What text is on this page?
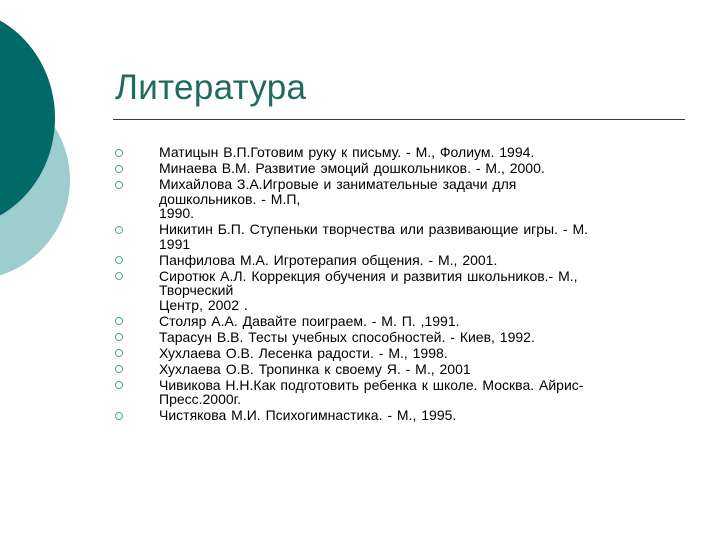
Литература
Матицын В.П.Готовим руку к письму. - М., Фолиум. 1994.
Минаева В.М. Развитие эмоций дошкольников. - М., 2000.
Михайлова З.А.Игровые и занимательные задачи для
дошкольников. - М.П,
1990.
Никитин Б.П. Ступеньки творчества или развивающие игры. - М.
1991
Панфилова М.А. Игротерапия общения. - М., 2001.
Сиротюк А.Л. Коррекция обучения и развития школьников.- М.,
Творческий
Центр, 2002 .
Столяр А.А. Давайте поиграем. - М. П. ,1991.
Тарасун В.В. Тесты учебных способностей. - Киев, 1992.
Хухлаева О.В. Лесенка радости. - М., 1998.
Хухлаева О.В. Тропинка к своему Я. - М., 2001
Чивикова Н.Н.Как подготовить ребенка к школе. Москва. Айрис-
Пресс.2000г.
Чистякова М.И. Психогимнастика. - М., 1995.
